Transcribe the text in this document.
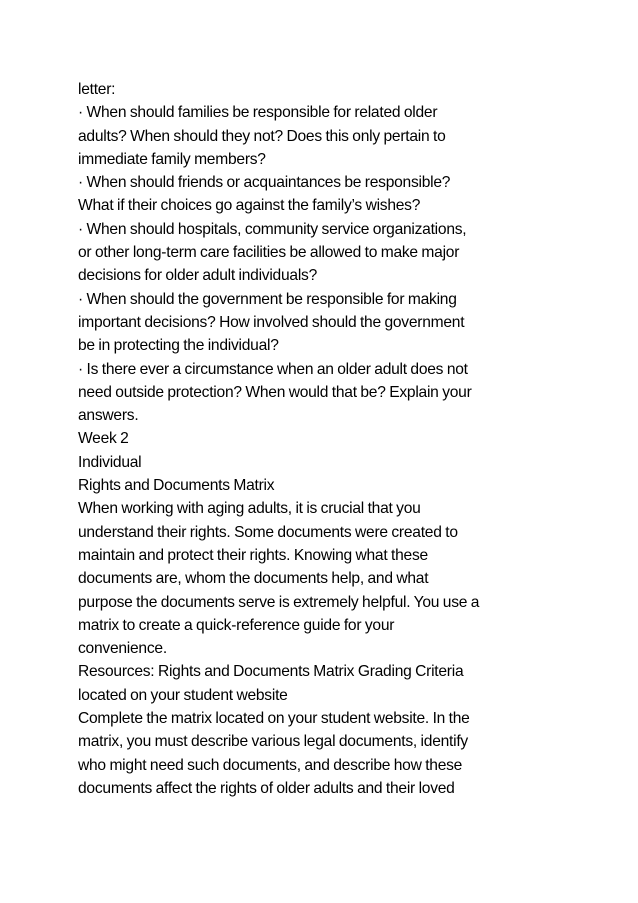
letter:
· When should families be responsible for related older
adults? When should they not? Does this only pertain to
immediate family members?
· When should friends or acquaintances be responsible?
What if their choices go against the family’s wishes?
· When should hospitals, community service organizations,
or other long-term care facilities be allowed to make major
decisions for older adult individuals?
· When should the government be responsible for making
important decisions? How involved should the government
be in protecting the individual?
· Is there ever a circumstance when an older adult does not
need outside protection? When would that be? Explain your
answers.
Week 2
Individual
Rights and Documents Matrix
When working with aging adults, it is crucial that you
understand their rights. Some documents were created to
maintain and protect their rights. Knowing what these
documents are, whom the documents help, and what
purpose the documents serve is extremely helpful. You use a
matrix to create a quick-reference guide for your
convenience.
Resources: Rights and Documents Matrix Grading Criteria
located on your student website
Complete the matrix located on your student website. In the
matrix, you must describe various legal documents, identify
who might need such documents, and describe how these
documents affect the rights of older adults and their loved
